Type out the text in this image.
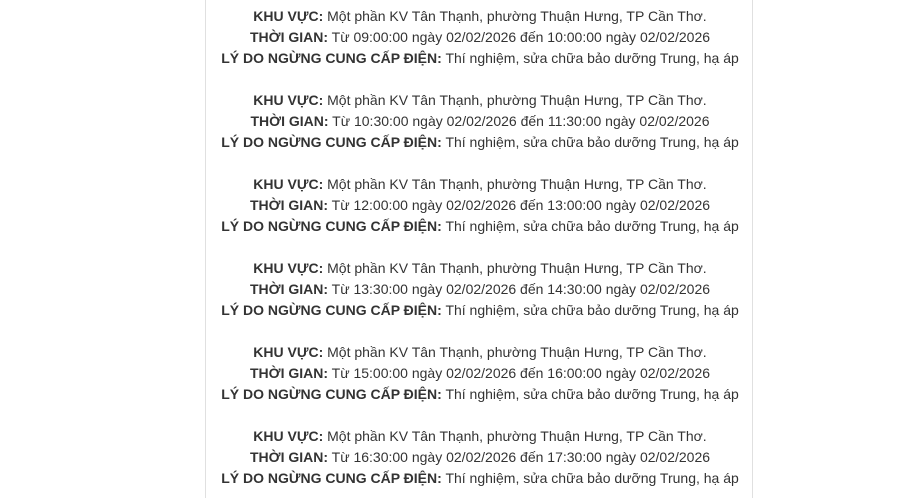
KHU VỰC: Một phần KV Tân Thạnh, phường Thuận Hưng, TP Cần Thơ.

THỜI GIAN: Từ 09:00:00 ngày 02/02/2026 đến 10:00:00 ngày 02/02/2026

LÝ DO NGỪNG CUNG CẤP ĐIỆN: Thí nghiệm, sửa chữa bảo dưỡng Trung, hạ áp

KHU VỰC: Một phần KV Tân Thạnh, phường Thuận Hưng, TP Cần Thơ.

THỜI GIAN: Từ 10:30:00 ngày 02/02/2026 đến 11:30:00 ngày 02/02/2026

LÝ DO NGỪNG CUNG CẤP ĐIỆN: Thí nghiệm, sửa chữa bảo dưỡng Trung, hạ áp

KHU VỰC: Một phần KV Tân Thạnh, phường Thuận Hưng, TP Cần Thơ.

THỜI GIAN: Từ 12:00:00 ngày 02/02/2026 đến 13:00:00 ngày 02/02/2026

LÝ DO NGỪNG CUNG CẤP ĐIỆN: Thí nghiệm, sửa chữa bảo dưỡng Trung, hạ áp

KHU VỰC: Một phần KV Tân Thạnh, phường Thuận Hưng, TP Cần Thơ.

THỜI GIAN: Từ 13:30:00 ngày 02/02/2026 đến 14:30:00 ngày 02/02/2026

LÝ DO NGỪNG CUNG CẤP ĐIỆN: Thí nghiệm, sửa chữa bảo dưỡng Trung, hạ áp

KHU VỰC: Một phần KV Tân Thạnh, phường Thuận Hưng, TP Cần Thơ.

THỜI GIAN: Từ 15:00:00 ngày 02/02/2026 đến 16:00:00 ngày 02/02/2026

LÝ DO NGỪNG CUNG CẤP ĐIỆN: Thí nghiệm, sửa chữa bảo dưỡng Trung, hạ áp

KHU VỰC: Một phần KV Tân Thạnh, phường Thuận Hưng, TP Cần Thơ.

THỜI GIAN: Từ 16:30:00 ngày 02/02/2026 đến 17:30:00 ngày 02/02/2026

LÝ DO NGỪNG CUNG CẤP ĐIỆN: Thí nghiệm, sửa chữa bảo dưỡng Trung, hạ áp
